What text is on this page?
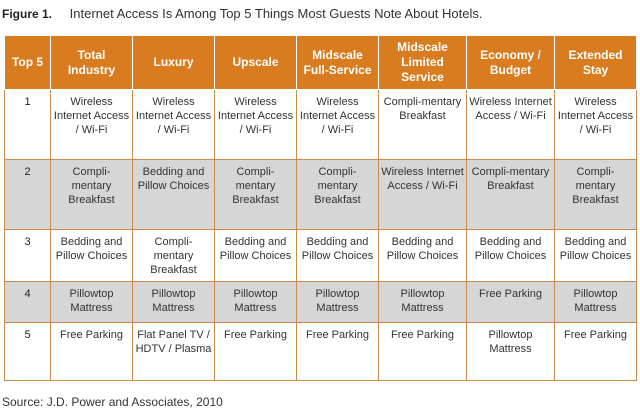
Figure 1. Internet Access Is Among Top 5 Things Most Guests Note About Hotels.
Top 5	Total Industry	Luxury	Upscale	Midscale Full-Service	Midscale Limited Service	Economy / Budget	Extended Stay
1	Wireless Internet Access / Wi-Fi	Wireless Internet Access / Wi-Fi	Wireless Internet Access / Wi-Fi	Wireless Internet Access / Wi-Fi	Compli-mentary Breakfast	Wireless Internet Access / Wi-Fi	Wireless Internet Access / Wi-Fi
2	Compli-mentary Breakfast	Bedding and Pillow Choices	Compli-mentary Breakfast	Compli-mentary Breakfast	Wireless Internet Access / Wi-Fi	Compli-mentary Breakfast	Compli-mentary Breakfast
3	Bedding and Pillow Choices	Compli-mentary Breakfast	Bedding and Pillow Choices	Bedding and Pillow Choices	Bedding and Pillow Choices	Bedding and Pillow Choices	Bedding and Pillow Choices
4	Pillowtop Mattress	Pillowtop Mattress	Pillowtop Mattress	Pillowtop Mattress	Pillowtop Mattress	Free Parking	Pillowtop Mattress
5	Free Parking	Flat Panel TV / HDTV / Plasma	Free Parking	Free Parking	Free Parking	Pillowtop Mattress	Free Parking
Source: J.D. Power and Associates, 2010
